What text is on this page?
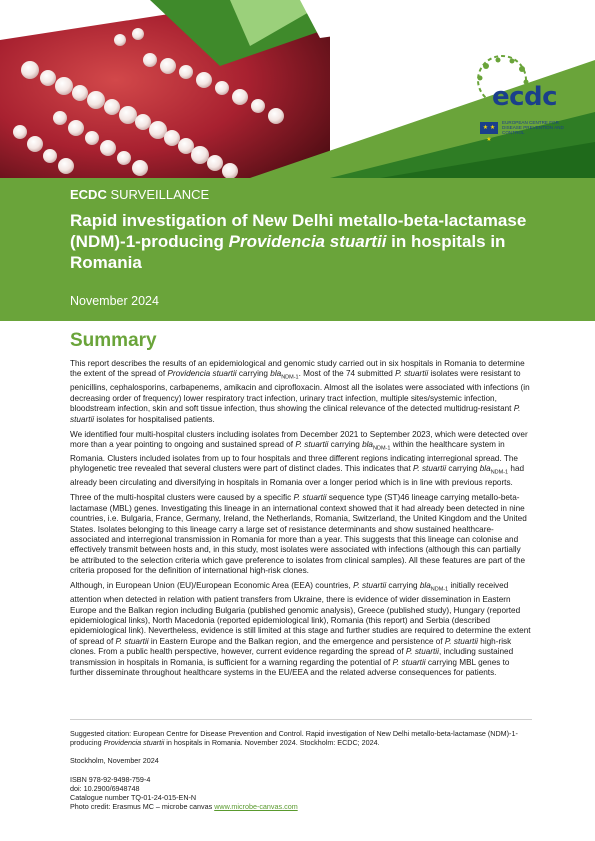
ecdc
★ ★ ★
EUROPEAN CENTRE FOR DISEASE PREVENTION AND CONTROL
ECDC SURVEILLANCE
Rapid investigation of New Delhi metallo-beta-lactamase (NDM)-1-producing Providencia stuartii in hospitals in Romania
November 2024
Summary

This report describes the results of an epidemiological and genomic study carried out in six hospitals in Romania to determine the extent of the spread of Providencia stuartii carrying bla$_{NDM-1}$. Most of the 74 submitted P. stuartii isolates were resistant to penicillins, cephalosporins, carbapenems, amikacin and ciprofloxacin. Almost all the isolates were associated with infections (in decreasing order of frequency) lower respiratory tract infection, urinary tract infection, multiple sites/systemic infection, bloodstream infection, skin and soft tissue infection, thus showing the clinical relevance of the detected multidrug-resistant P. stuartii isolates for hospitalised patients.

We identified four multi-hospital clusters including isolates from December 2021 to September 2023, which were detected over more than a year pointing to ongoing and sustained spread of P. stuartii carrying bla$_{NDM-1}$ within the healthcare system in Romania. Clusters included isolates from up to four hospitals and three different regions indicating interregional spread. The phylogenetic tree revealed that several clusters were part of distinct clades. This indicates that P. stuartii carrying bla$_{NDM-1}$ had already been circulating and diversifying in hospitals in Romania over a longer period which is in line with previous reports.

Three of the multi-hospital clusters were caused by a specific P. stuartii sequence type (ST)46 lineage carrying metallo-beta-lactamase (MBL) genes. Investigating this lineage in an international context showed that it had already been detected in nine countries, i.e. Bulgaria, France, Germany, Ireland, the Netherlands, Romania, Switzerland, the United Kingdom and the United States. Isolates belonging to this lineage carry a large set of resistance determinants and show sustained healthcare-associated and interregional transmission in Romania for more than a year. This suggests that this lineage can colonise and effectively transmit between hosts and, in this study, most isolates were associated with infections (although this can partially be attributed to the selection criteria which gave preference to isolates from clinical samples). All these features are part of the criteria proposed for the definition of international high-risk clones.

Although, in European Union (EU)/European Economic Area (EEA) countries, P. stuartii carrying bla$_{NDM-1}$ initially received attention when detected in relation with patient transfers from Ukraine, there is evidence of wider dissemination in Eastern Europe and the Balkan region including Bulgaria (published genomic analysis), Greece (published study), Hungary (reported epidemiological links), North Macedonia (reported epidemiological link), Romania (this report) and Serbia (described epidemiological link). Nevertheless, evidence is still limited at this stage and further studies are required to determine the extent of spread of P. stuartii in Eastern Europe and the Balkan region, and the emergence and persistence of P. stuartii high-risk clones. From a public health perspective, however, current evidence regarding the spread of P. stuartii, including sustained transmission in hospitals in Romania, is sufficient for a warning regarding the potential of P. stuartii carrying MBL genes to further disseminate throughout healthcare systems in the EU/EEA and the related adverse consequences for patients.

Suggested citation: European Centre for Disease Prevention and Control. Rapid investigation of New Delhi metallo-beta-lactamase (NDM)-1-producing Providencia stuartii in hospitals in Romania. November 2024. Stockholm: ECDC; 2024.

Stockholm, November 2024

ISBN 978-92-9498-759-4
doi: 10.2900/6948748
Catalogue number TQ-01-24-015-EN-N
Photo credit: Erasmus MC – microbe canvas www.microbe-canvas.com
